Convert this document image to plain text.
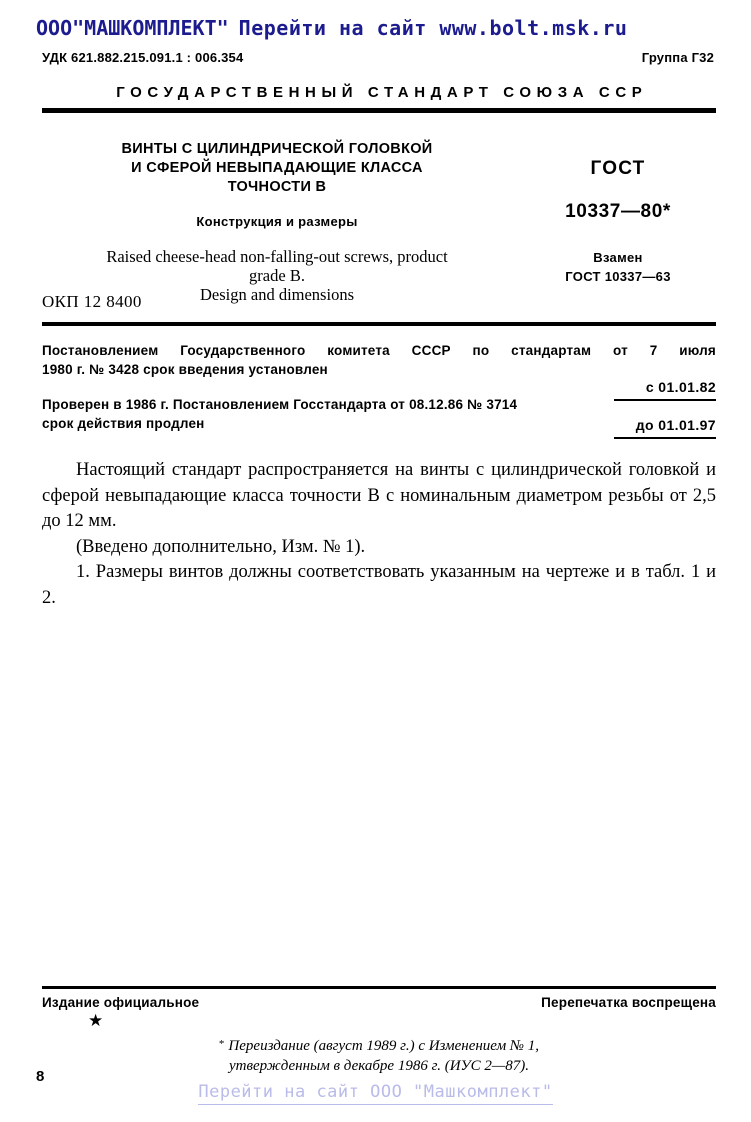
ООО"МАШКОМПЛЕКТ" Перейти на сайт www.bolt.msk.ru
УДК 621.882.215.091.1 : 006.354	Группа Г32
ГОСУДАРСТВЕННЫЙ СТАНДАРТ СОЮЗА ССР

ВИНТЫ С ЦИЛИНДРИЧЕСКОЙ ГОЛОВКОЙ

И СФЕРОЙ НЕВЫПАДАЮЩИЕ КЛАССА

ТОЧНОСТИ В

Конструкция и размеры
Raised cheese-head non-falling-out screws, product
grade B.
Design and dimensions
ОКП 12 8400
ГОСТ
10337—80*
Взамен
ГОСТ 10337—63

Постановлением Государственного комитета СССР по стандартам от 7 июля

1980 г. № 3428 срок введения установлен

с 01.01.82

Проверен в 1986 г. Постановлением Госстандарта от 08.12.86 № 3714

срок действия продлен	до 01.01.97

Настоящий стандарт распространяется на винты с цилиндрической головкой и сферой невыпадающие класса точности В с номинальным диаметром резьбы от 2,5 до 12 мм.

(Введено дополнительно, Изм. № 1).

1. Размеры винтов должны соответствовать указанным на чертеже и в табл. 1 и 2.

Издание официальное	Перепечатка воспрещена
★
* Переиздание (август 1989 г.) с Изменением № 1,
утвержденным в декабре 1986 г. (ИУС 2—87).
8
Перейти на сайт ООО "Машкомплект"
